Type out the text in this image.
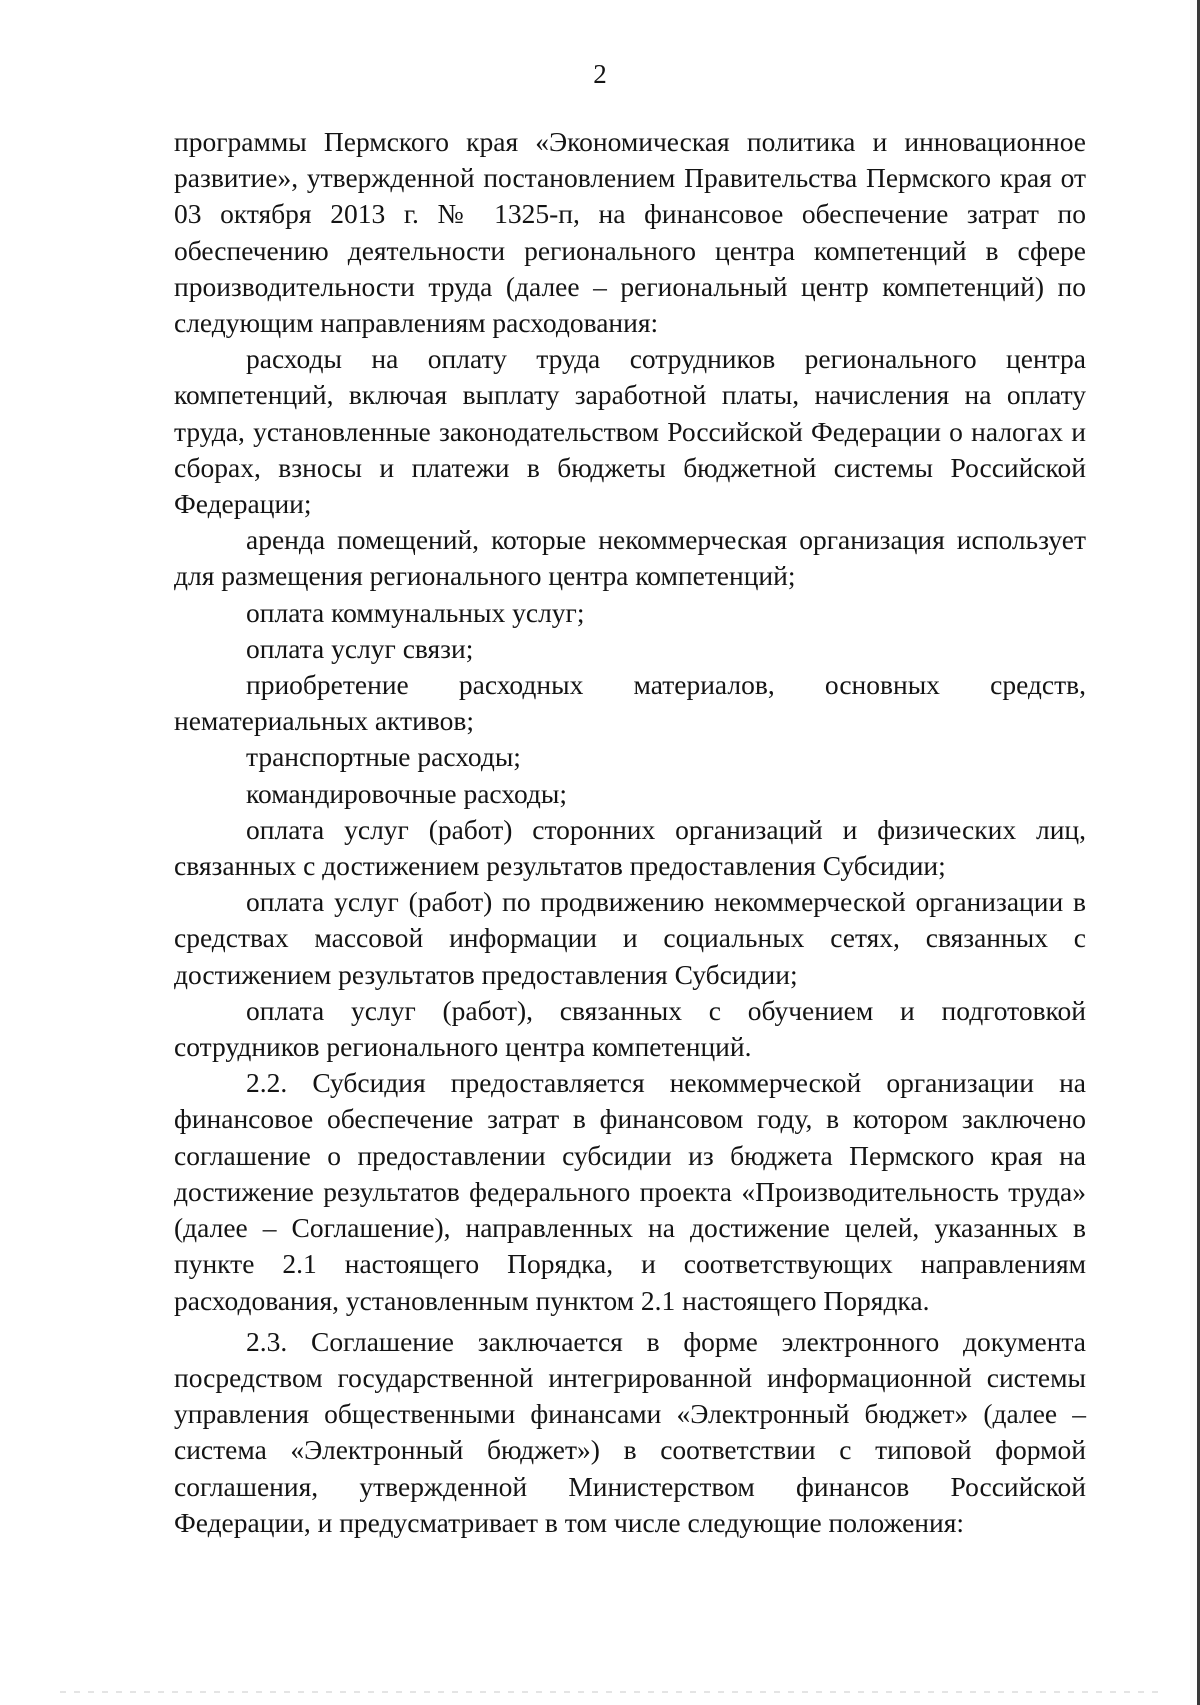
2

программы Пермского края «Экономическая политика и инновационное развитие», утвержденной постановлением Правительства Пермского края от 03 октября 2013 г. № 1325-п, на финансовое обеспечение затрат по обеспечению деятельности регионального центра компетенций в сфере производительности труда (далее – региональный центр компетенций) по следующим направлениям расходования:

расходы на оплату труда сотрудников регионального центра компетенций, включая выплату заработной платы, начисления на оплату труда, установленные законодательством Российской Федерации о налогах и сборах, взносы и платежи в бюджеты бюджетной системы Российской Федерации;

аренда помещений, которые некоммерческая организация использует для размещения регионального центра компетенций;

оплата коммунальных услуг;

оплата услуг связи;

приобретение расходных материалов, основных средств, нематериальных активов;

транспортные расходы;

командировочные расходы;

оплата услуг (работ) сторонних организаций и физических лиц, связанных с достижением результатов предоставления Субсидии;

оплата услуг (работ) по продвижению некоммерческой организации в средствах массовой информации и социальных сетях, связанных с достижением результатов предоставления Субсидии;

оплата услуг (работ), связанных с обучением и подготовкой сотрудников регионального центра компетенций.

2.2. Субсидия предоставляется некоммерческой организации на финансовое обеспечение затрат в финансовом году, в котором заключено соглашение о предоставлении субсидии из бюджета Пермского края на достижение результатов федерального проекта «Производительность труда» (далее – Соглашение), направленных на достижение целей, указанных в пункте 2.1 настоящего Порядка, и соответствующих направлениям расходования, установленным пунктом 2.1 настоящего Порядка.

2.3. Соглашение заключается в форме электронного документа посредством государственной интегрированной информационной системы управления общественными финансами «Электронный бюджет» (далее – система «Электронный бюджет») в соответствии с типовой формой соглашения, утвержденной Министерством финансов Российской Федерации, и предусматривает в том числе следующие положения:
